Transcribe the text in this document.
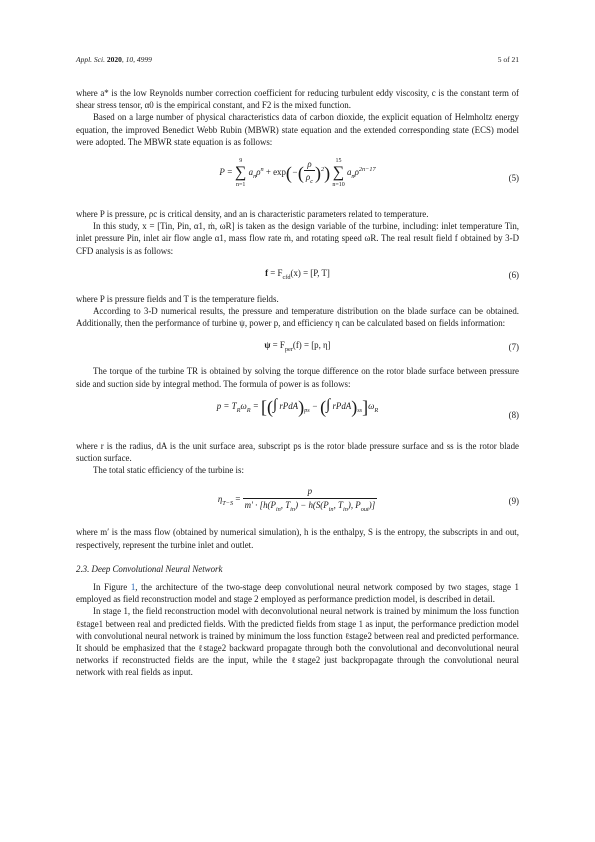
Appl. Sci. 2020, 10, 4999	5 of 21

where a* is the low Reynolds number correction coefficient for reducing turbulent eddy viscosity, c is the constant term of shear stress tensor, α0 is the empirical constant, and F2 is the mixed function.

Based on a large number of physical characteristics data of carbon dioxide, the explicit equation of Helmholtz energy equation, the improved Benedict Webb Rubin (MBWR) state equation and the extended corresponding state (ECS) model were adopted. The MBWR state equation is as follows:

P =
9
∑
n=1
$a_n\rho^n + \exp(-( \frac{\rho}{\rho_c} )^2)$
15
∑
n=10
$a_n\rho^{2n-17}$
(5)

where P is pressure, ρc is critical density, and an is characteristic parameters related to temperature.

In this study, x = [Tin, Pin, α1, ṁ, ωR] is taken as the design variable of the turbine, including: inlet temperature Tin, inlet pressure Pin, inlet air flow angle α1, mass flow rate ṁ, and rotating speed ωR. The real result field f obtained by 3-D CFD analysis is as follows:

$f = F_{cfd}(x) = [P$, T]	(6)

where P is pressure fields and T is the temperature fields.

According to 3-D numerical results, the pressure and temperature distribution on the blade surface can be obtained. Additionally, then the performance of turbine ψ, power p, and efficiency η can be calculated based on fields information:

$\psi = F_{per}(f) = [p$, η]	(7)

The torque of the turbine TR is obtained by solving the torque difference on the rotor blade surface between pressure side and suction side by integral method. The formula of power is as follows:

$p = T_R\omega_R$ = [(∫ $rPdA)_{ps}$ − (∫ $rPdA)_{ss}]\omega_R$	(8)

where r is the radius, dA is the unit surface area, subscript ps is the rotor blade pressure surface and ss is the rotor blade suction surface.

The total static efficiency of the turbine is:

$\eta_{T-S} = \frac{p}{m' \cdot [h(P_{in}, T_{in}) - h(S(P_{in}, T_{in}), P_{out})]}$	(9)

where m′ is the mass flow (obtained by numerical simulation), h is the enthalpy, S is the entropy, the subscripts in and out, respectively, represent the turbine inlet and outlet.

2.3. Deep Convolutional Neural Network

In Figure 1, the architecture of the two-stage deep convolutional neural network composed by two stages, stage 1 employed as field reconstruction model and stage 2 employed as performance prediction model, is described in detail.

In stage 1, the field reconstruction model with deconvolutional neural network is trained by minimum the loss function ℓstage1 between real and predicted fields. With the predicted fields from stage 1 as input, the performance prediction model with convolutional neural network is trained by minimum the loss function ℓstage2 between real and predicted performance. It should be emphasized that the ℓstage2 backward propagate through both the convolutional and deconvolutional neural networks if reconstructed fields are the input, while the ℓstage2 just backpropagate through the convolutional neural network with real fields as input.
